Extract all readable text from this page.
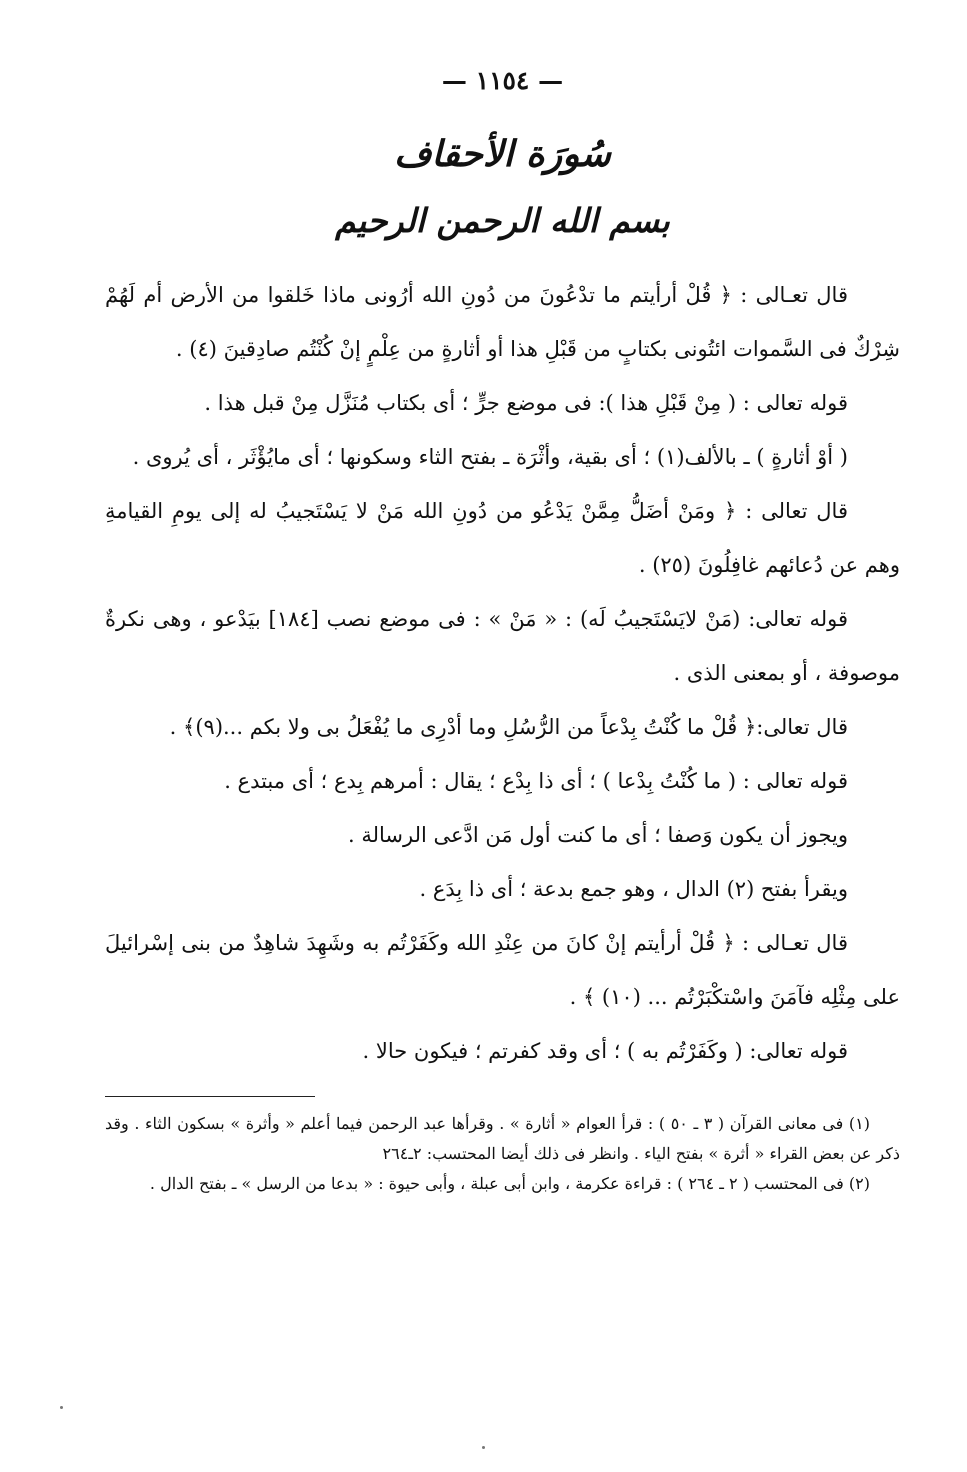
— ١١٥٤ —
سُورَة الأحقاف
بسم الله الرحمن الرحيم

قال تعـالى : ﴿ قُلْ أرأيتم ما تدْعُونَ من دُونِ الله أرُونى ماذا خَلقوا من الأرض أم لَهُمْ شِرْكٌ فى السَّموات ائتُونى بكتابٍ من قَبْلِ هذا أو أثارةٍ من عِلْمٍ إنْ كُنْتُم صادِقينَ (٤) .

قوله تعالى : ( مِنْ قَبْلِ هذا ): فى موضع جرٍّ ؛ أى بكتاب مُنَزَّل مِنْ قبل هذا .

( أوْ أثارةٍ ) ـ بالألف(١) ؛ أى بقية، وأثْرَة ـ بفتح الثاء وسكونها ؛ أى مايُؤْثَر ، أى يُروى .

قال تعالى : ﴿ ومَنْ أضَلُّ مِمَّنْ يَدْعُو من دُونِ الله مَنْ لا يَسْتَجيبُ له إلى يومِ القيامةِ وهم عن دُعائهم غافِلُونَ (٢٥) .

قوله تعالى: (مَنْ لايَسْتَجيبُ لَه) : « مَنْ » : فى موضع نصب [١٨٤] بيَدْعو ، وهى نكرةٌ موصوفة ، أو بمعنى الذى .

قال تعالى:﴿ قُلْ ما كُنْتُ بِدْعاً من الرُّسُلِ وما أدْرِى ما يُفْعَلُ بى ولا بكم ...(٩)﴾ .

قوله تعالى : ( ما كُنْتُ بِدْعا ) ؛ أى ذا بِدْع ؛ يقال : أمرهم بِدع ؛ أى مبتدع .

ويجوز أن يكون وَصفا ؛ أى ما كنت أول مَن ادَّعى الرسالة .

ويقرأ بفتح (٢) الدال ، وهو جمع بدعة ؛ أى ذا بِدَع .

قال تعـالى : ﴿ قُلْ أرأيتم إنْ كانَ من عِنْدِ الله وكَفَرْتُم به وشَهِدَ شاهِدٌ من بنى إسْرائيلَ على مِثْلِه فآمَنَ واسْتكْبَرْتُم ... (١٠) ﴾ .

قوله تعالى: ( وكَفَرْتُم به ) ؛ أى وقد كفرتم ؛ فيكون حالا .

(١) فى معانى القرآن ( ٣ ـ ٥٠ ) : قرأ العوام « أثارة » . وقرأها عبد الرحمن فيما أعلم « وأثرة » بسكون الثاء . وقد ذكر عن بعض القراء « أثرة » بفتح الياء . وانظر فى ذلك أيضا المحتسب: ٢ـ٢٦٤

(٢) فى المحتسب ( ٢ ـ ٢٦٤ ) : قراءة عكرمة ، وابن أبى عبلة ، وأبى حيوة : « بدعا من الرسل » ـ بفتح الدال .
